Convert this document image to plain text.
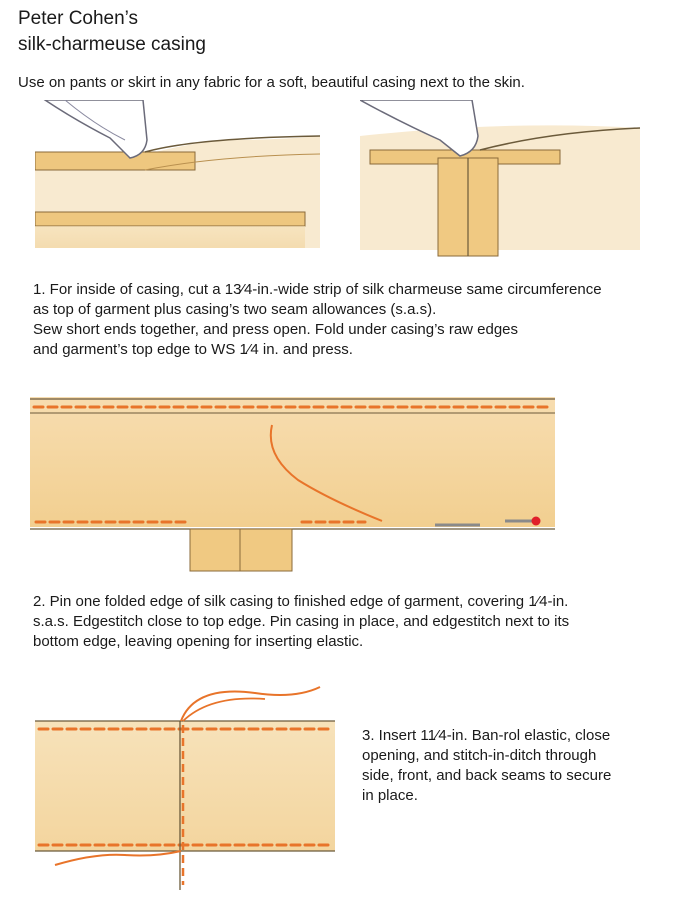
Peter Cohen’s
silk-charmeuse casing
Use on pants or skirt in any fabric for a soft, beautiful casing next to the skin.
1. For inside of casing, cut a 13⁄4-in.-wide strip of silk charmeuse same circumference
as top of garment plus casing’s two seam allowances (s.a.s).
Sew short ends together, and press open. Fold under casing’s raw edges
and garment’s top edge to WS 1⁄4 in. and press.
2. Pin one folded edge of silk casing to finished edge of garment, covering 1⁄4-in.
s.a.s. Edgestitch close to top edge. Pin casing in place, and edgestitch next to its
bottom edge, leaving opening for inserting elastic.
3. Insert 11⁄4-in. Ban-rol elastic, close
opening, and stitch-in-ditch through
side, front, and back seams to secure
in place.
